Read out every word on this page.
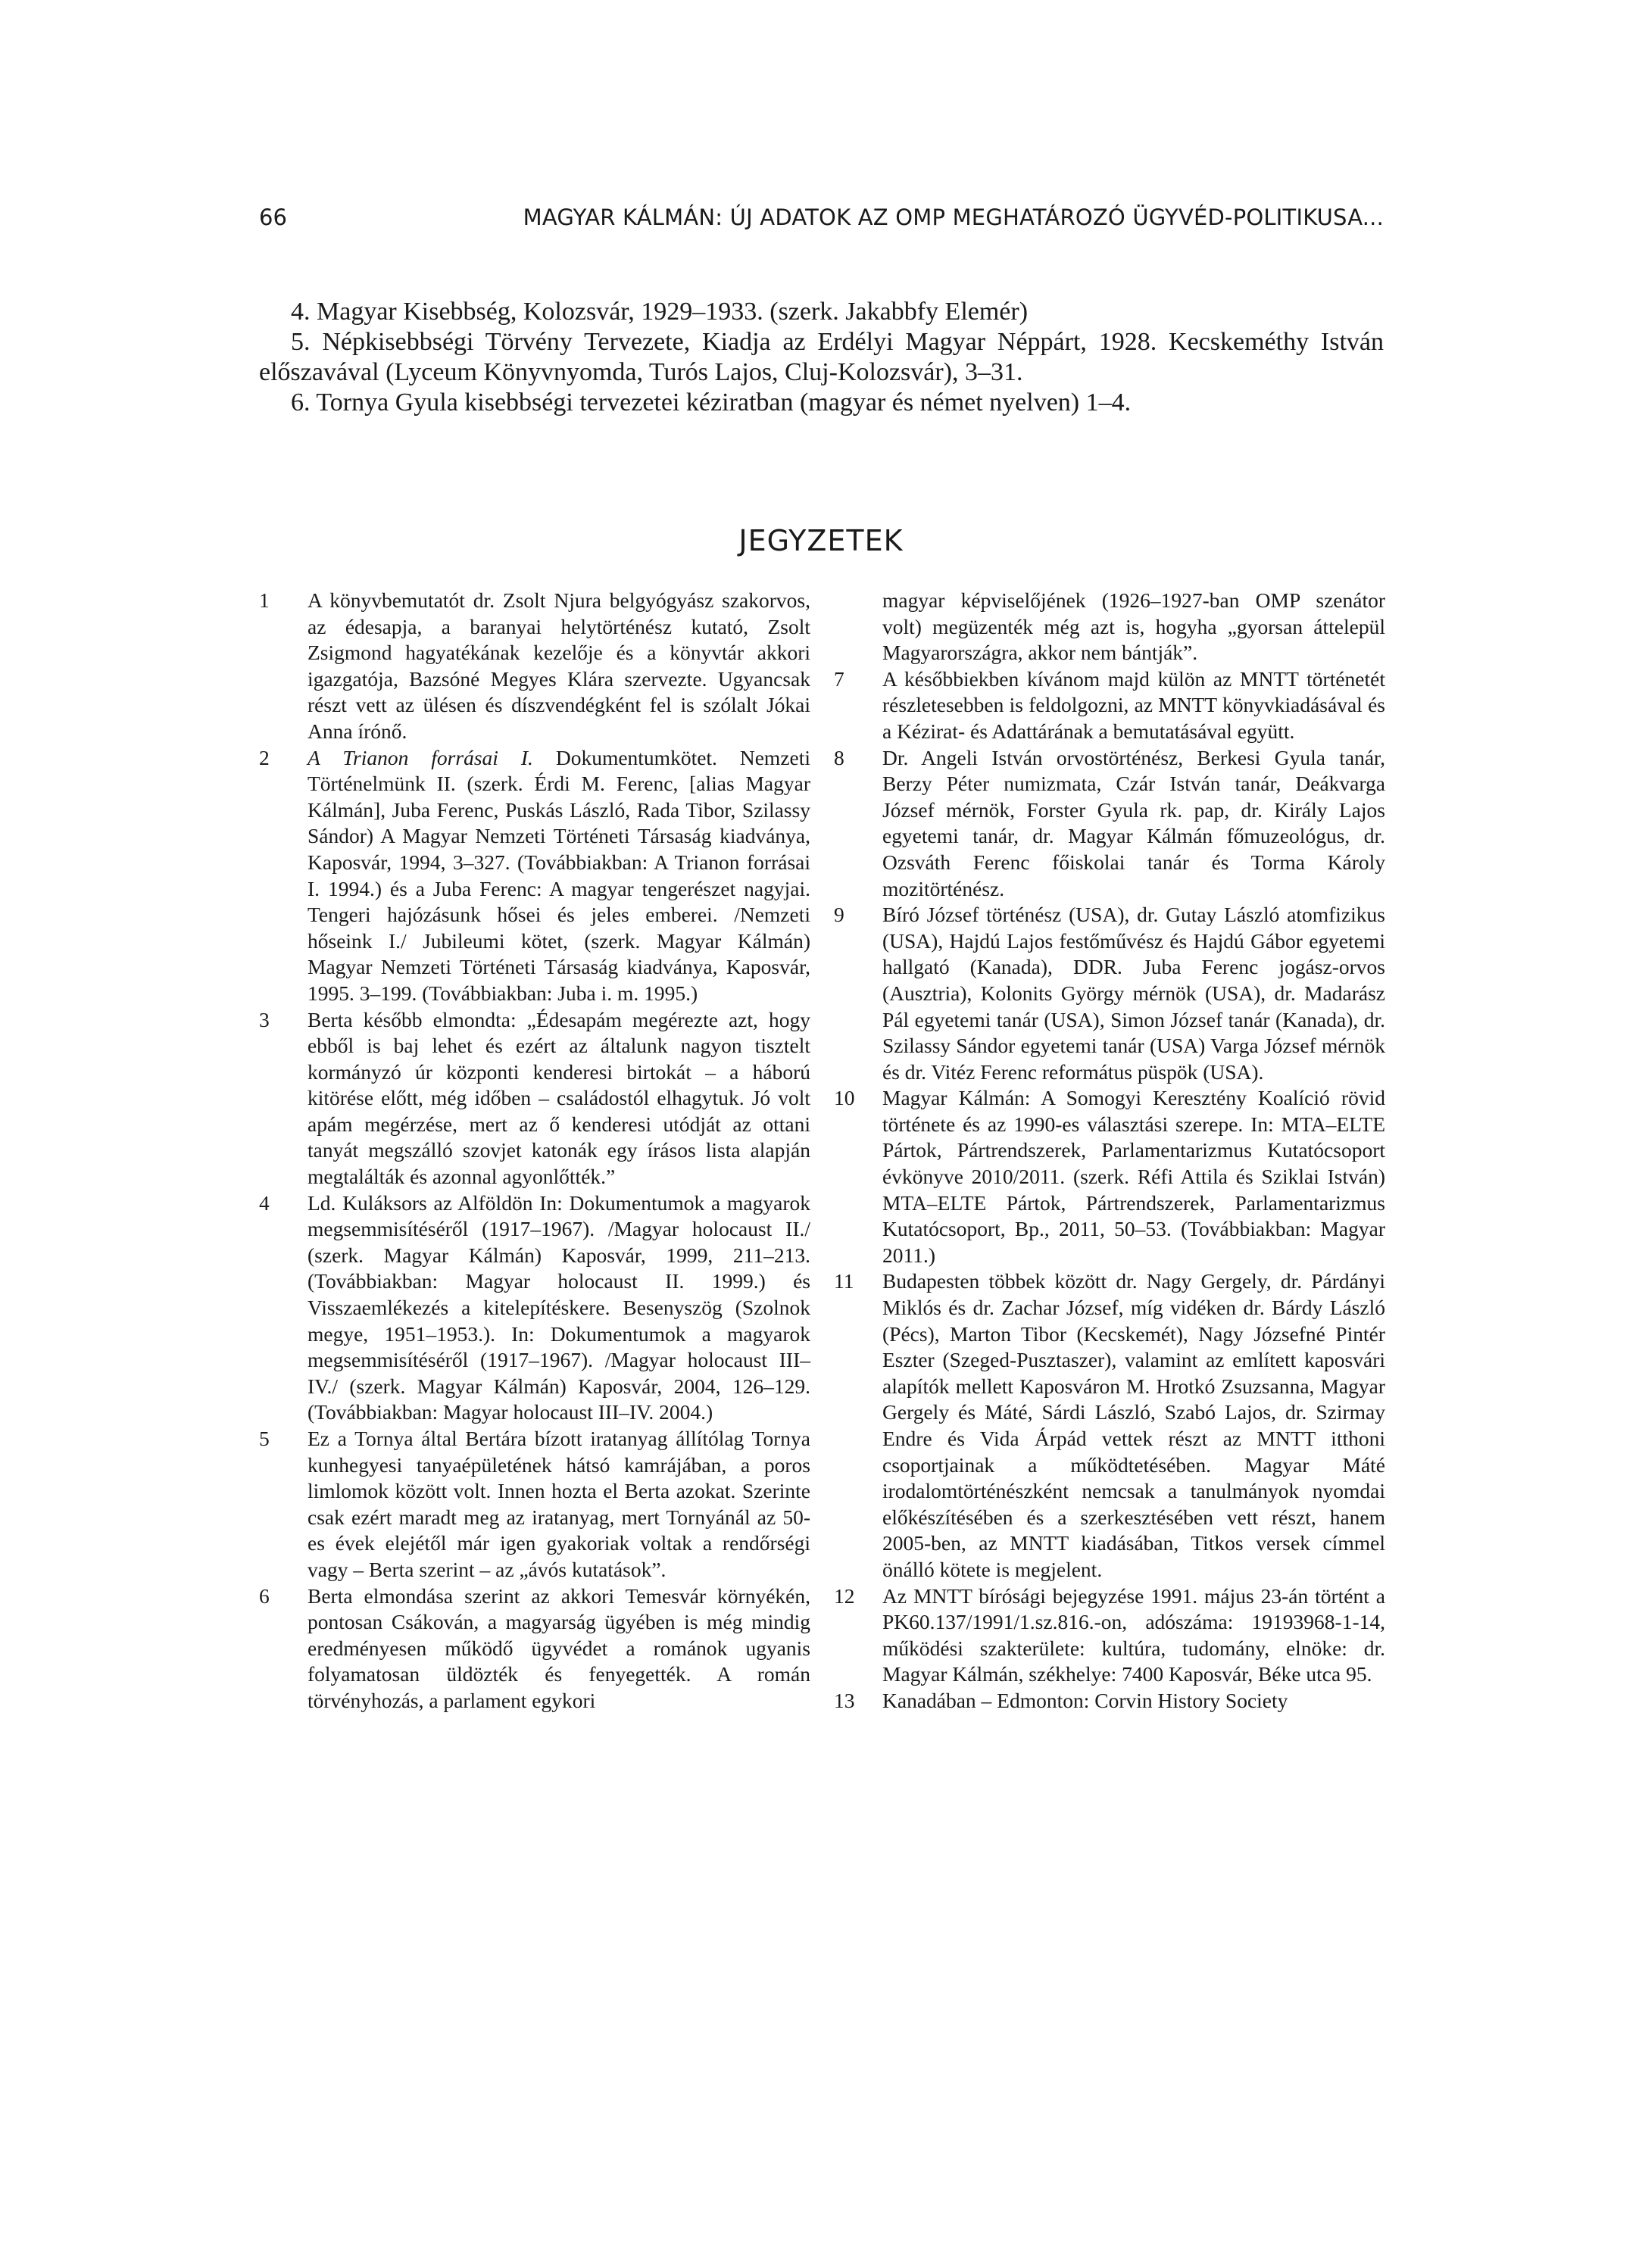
66	MAGYAR KÁLMÁN: ÚJ ADATOK AZ OMP MEGHATÁROZÓ ÜGYVÉD-POLITIKUSA...

4. Magyar Kisebbség, Kolozsvár, 1929–1933. (szerk. Jakabbfy Elemér)

5. Népkisebbségi Törvény Tervezete, Kiadja az Erdélyi Magyar Néppárt, 1928. Kecskeméthy István előszavával (Lyceum Könyvnyomda, Turós Lajos, Cluj-Kolozsvár), 3–31.

6. Tornya Gyula kisebbségi tervezetei kéziratban (magyar és német nyelven) 1–4.

JEGYZETEK
1 A könyvbemutatót dr. Zsolt Njura belgyógyász szakorvos, az édesapja, a baranyai helytörténész kutató, Zsolt Zsigmond hagyatékának kezelője és a könyvtár akkori igazgatója, Bazsóné Megyes Klára szervezte. Ugyancsak részt vett az ülésen és díszvendégként fel is szólalt Jókai Anna írónő.
2 A Trianon forrásai I. Dokumentumkötet. Nemzeti Történelmünk II. (szerk. Érdi M. Ferenc, [alias Magyar Kálmán], Juba Ferenc, Puskás László, Rada Tibor, Szilassy Sándor) A Magyar Nemzeti Történeti Társaság kiadványa, Kaposvár, 1994, 3–327. (Továbbiakban: A Trianon forrásai I. 1994.) és a Juba Ferenc: A magyar tengerészet nagyjai. Tengeri hajózásunk hősei és jeles emberei. /Nemzeti hőseink I./ Jubileumi kötet, (szerk. Magyar Kálmán) Magyar Nemzeti Történeti Társaság kiadványa, Kaposvár, 1995. 3–199. (Továbbiakban: Juba i. m. 1995.)
3 Berta később elmondta: „Édesapám megérezte azt, hogy ebből is baj lehet és ezért az általunk nagyon tisztelt kormányzó úr központi kenderesi birtokát – a háború kitörése előtt, még időben – családostól elhagytuk. Jó volt apám megérzése, mert az ő kenderesi utódját az ottani tanyát megszálló szovjet katonák egy írásos lista alapján megtalálták és azonnal agyonlőtték.”
4 Ld. Kuláksors az Alföldön In: Dokumentumok a magyarok megsemmisítéséről (1917–1967). /Magyar holocaust II./ (szerk. Magyar Kálmán) Kaposvár, 1999, 211–213. (Továbbiakban: Magyar holocaust II. 1999.) és Visszaemlékezés a kitelepítéskere. Besenyszög (Szolnok megye, 1951–1953.). In: Dokumentumok a magyarok megsemmisítéséről (1917–1967). /Magyar holocaust III–IV./ (szerk. Magyar Kálmán) Kaposvár, 2004, 126–129. (Továbbiakban: Magyar holocaust III–IV. 2004.)
5 Ez a Tornya által Bertára bízott iratanyag állítólag Tornya kunhegyesi tanyaépületének hátsó kamrájában, a poros limlomok között volt. Innen hozta el Berta azokat. Szerinte csak ezért maradt meg az iratanyag, mert Tornyánál az 50-es évek elejétől már igen gyakoriak voltak a rendőrségi vagy – Berta szerint – az „ávós kutatások”.
6 Berta elmondása szerint az akkori Temesvár környékén, pontosan Csákován, a magyarság ügyében is még mindig eredményesen működő ügyvédet a románok ugyanis folyamatosan üldözték és fenyegették. A román törvényhozás, a parlament egykori
magyar képviselőjének (1926–1927-ban OMP szenátor volt) megüzenték még azt is, hogyha „gyorsan áttelepül Magyarországra, akkor nem bántják”.
7 A későbbiekben kívánom majd külön az MNTT történetét részletesebben is feldolgozni, az MNTT könyvkiadásával és a Kézirat- és Adattárának a bemutatásával együtt.
8 Dr. Angeli István orvostörténész, Berkesi Gyula tanár, Berzy Péter numizmata, Czár István tanár, Deákvarga József mérnök, Forster Gyula rk. pap, dr. Király Lajos egyetemi tanár, dr. Magyar Kálmán főmuzeológus, dr. Ozsváth Ferenc főiskolai tanár és Torma Károly mozitörténész.
9 Bíró József történész (USA), dr. Gutay László atomfizikus (USA), Hajdú Lajos festőművész és Hajdú Gábor egyetemi hallgató (Kanada), DDR. Juba Ferenc jogász-orvos (Ausztria), Kolonits György mérnök (USA), dr. Madarász Pál egyetemi tanár (USA), Simon József tanár (Kanada), dr. Szilassy Sándor egyetemi tanár (USA) Varga József mérnök és dr. Vitéz Ferenc református püspök (USA).
10 Magyar Kálmán: A Somogyi Keresztény Koalíció rövid története és az 1990-es választási szerepe. In: MTA–ELTE Pártok, Pártrendszerek, Parlamentarizmus Kutatócsoport évkönyve 2010/2011. (szerk. Réfi Attila és Sziklai István) MTA–ELTE Pártok, Pártrendszerek, Parlamentarizmus Kutatócsoport, Bp., 2011, 50–53. (Továbbiakban: Magyar 2011.)
11 Budapesten többek között dr. Nagy Gergely, dr. Párdányi Miklós és dr. Zachar József, míg vidéken dr. Bárdy László (Pécs), Marton Tibor (Kecskemét), Nagy Józsefné Pintér Eszter (Szeged-Pusztaszer), valamint az említett kaposvári alapítók mellett Kaposváron M. Hrotkó Zsuzsanna, Magyar Gergely és Máté, Sárdi László, Szabó Lajos, dr. Szirmay Endre és Vida Árpád vettek részt az MNTT itthoni csoportjainak a működtetésében. Magyar Máté irodalomtörténészként nemcsak a tanulmányok nyomdai előkészítésében és a szerkesztésében vett részt, hanem 2005-ben, az MNTT kiadásában, Titkos versek címmel önálló kötete is megjelent.
12 Az MNTT bírósági bejegyzése 1991. május 23-án történt a PK60.137/1991/1.sz.816.-on, adószáma: 19193968-1-14, működési szakterülete: kultúra, tudomány, elnöke: dr. Magyar Kálmán, székhelye: 7400 Kaposvár, Béke utca 95.
13 Kanadában – Edmonton: Corvin History Society
